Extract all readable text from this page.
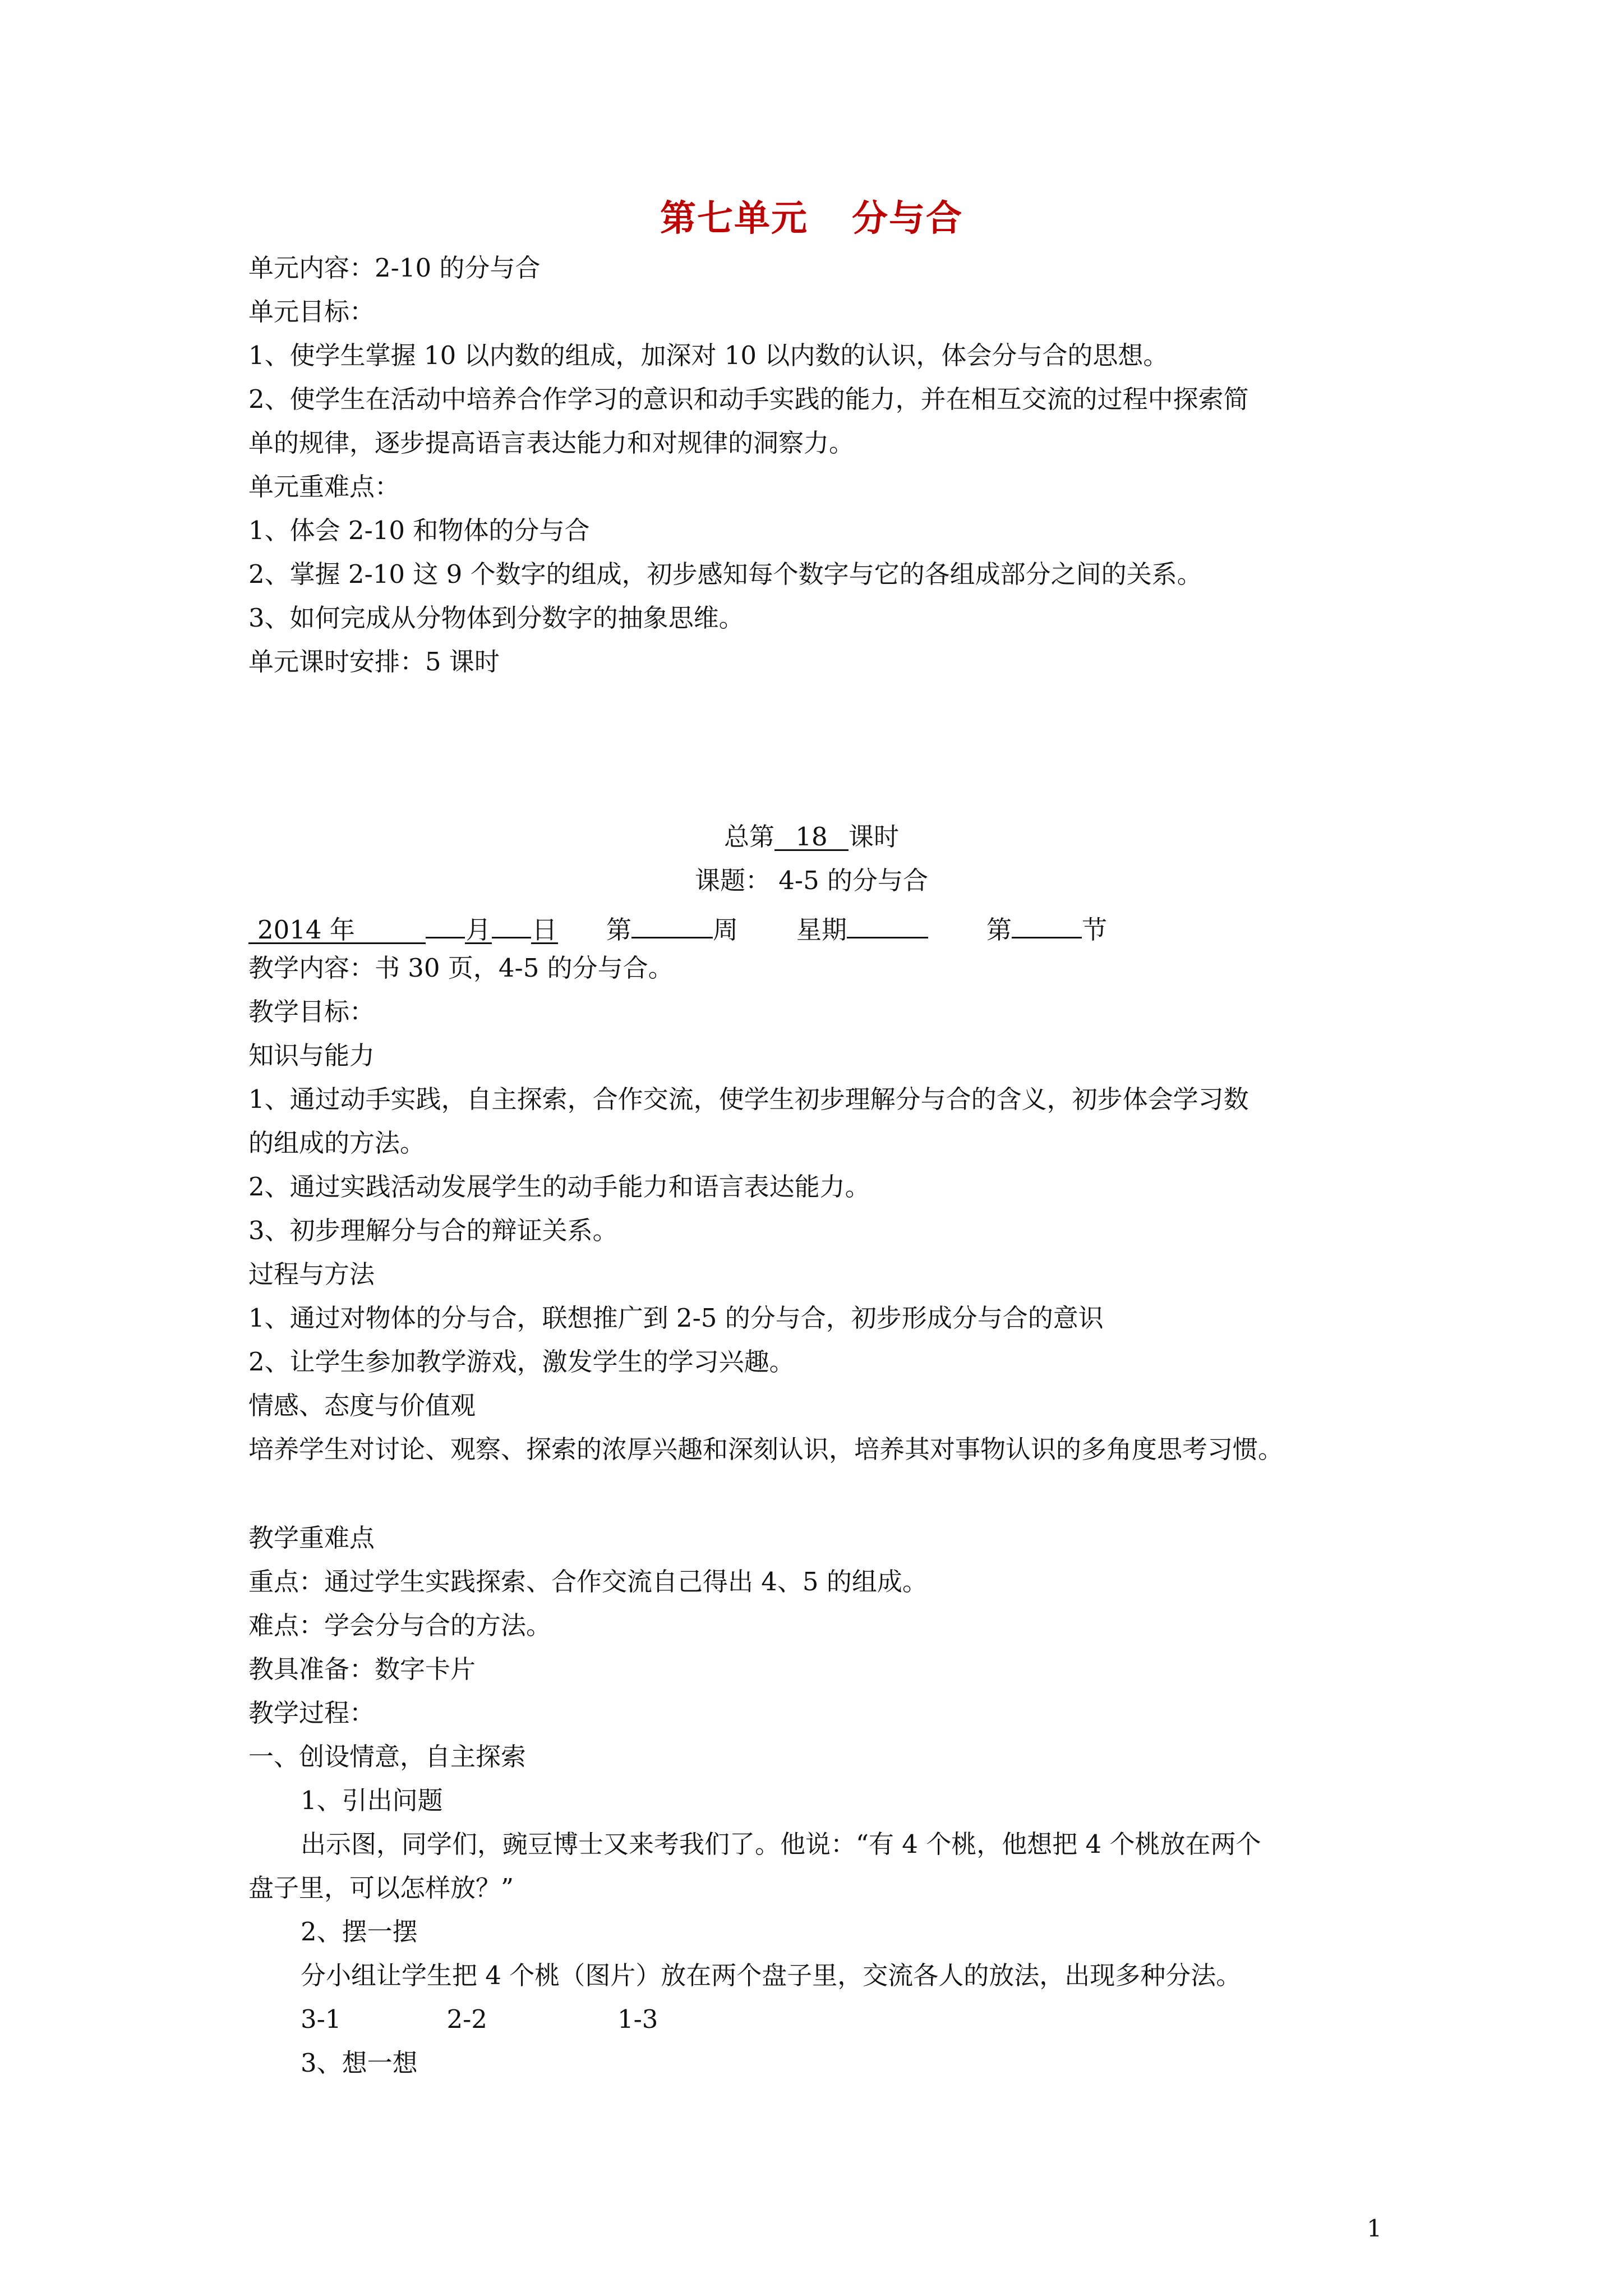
第七单元 分与合
单元内容：2-10 的分与合
单元目标：
1、使学生掌握 10 以内数的组成，加深对 10 以内数的认识，体会分与合的思想。
2、使学生在活动中培养合作学习的意识和动手实践的能力，并在相互交流的过程中探索简
单的规律，逐步提高语言表达能力和对规律的洞察力。
单元重难点：
1、体会 2-10 和物体的分与合
2、掌握 2-10 这 9 个数字的组成，初步感知每个数字与它的各组成部分之间的关系。
3、如何完成从分物体到分数字的抽象思维。
单元课时安排：5 课时
总第 18 课时
课题： 4-5 的分与合
2014 年	月 日 第	周 星期	第	节
教学内容：书 30 页，4-5 的分与合。
教学目标：
知识与能力
1、通过动手实践，自主探索，合作交流，使学生初步理解分与合的含义，初步体会学习数
的组成的方法。
2、通过实践活动发展学生的动手能力和语言表达能力。
3、初步理解分与合的辩证关系。
过程与方法
1、通过对物体的分与合，联想推广到 2-5 的分与合，初步形成分与合的意识
2、让学生参加教学游戏，激发学生的学习兴趣。
情感、态度与价值观
培养学生对讨论、观察、探索的浓厚兴趣和深刻认识，培养其对事物认识的多角度思考习惯。
教学重难点
重点：通过学生实践探索、合作交流自己得出 4、5 的组成。
难点：学会分与合的方法。
教具准备：数字卡片
教学过程：
一、创设情意，自主探索
1、引出问题
出示图，同学们，豌豆博士又来考我们了。他说：“有 4 个桃，他想把 4 个桃放在两个
盘子里，可以怎样放？”
2、摆一摆
分小组让学生把 4 个桃（图片）放在两个盘子里，交流各人的放法，出现多种分法。
3-1	2-2	1-3
3、想一想
1
